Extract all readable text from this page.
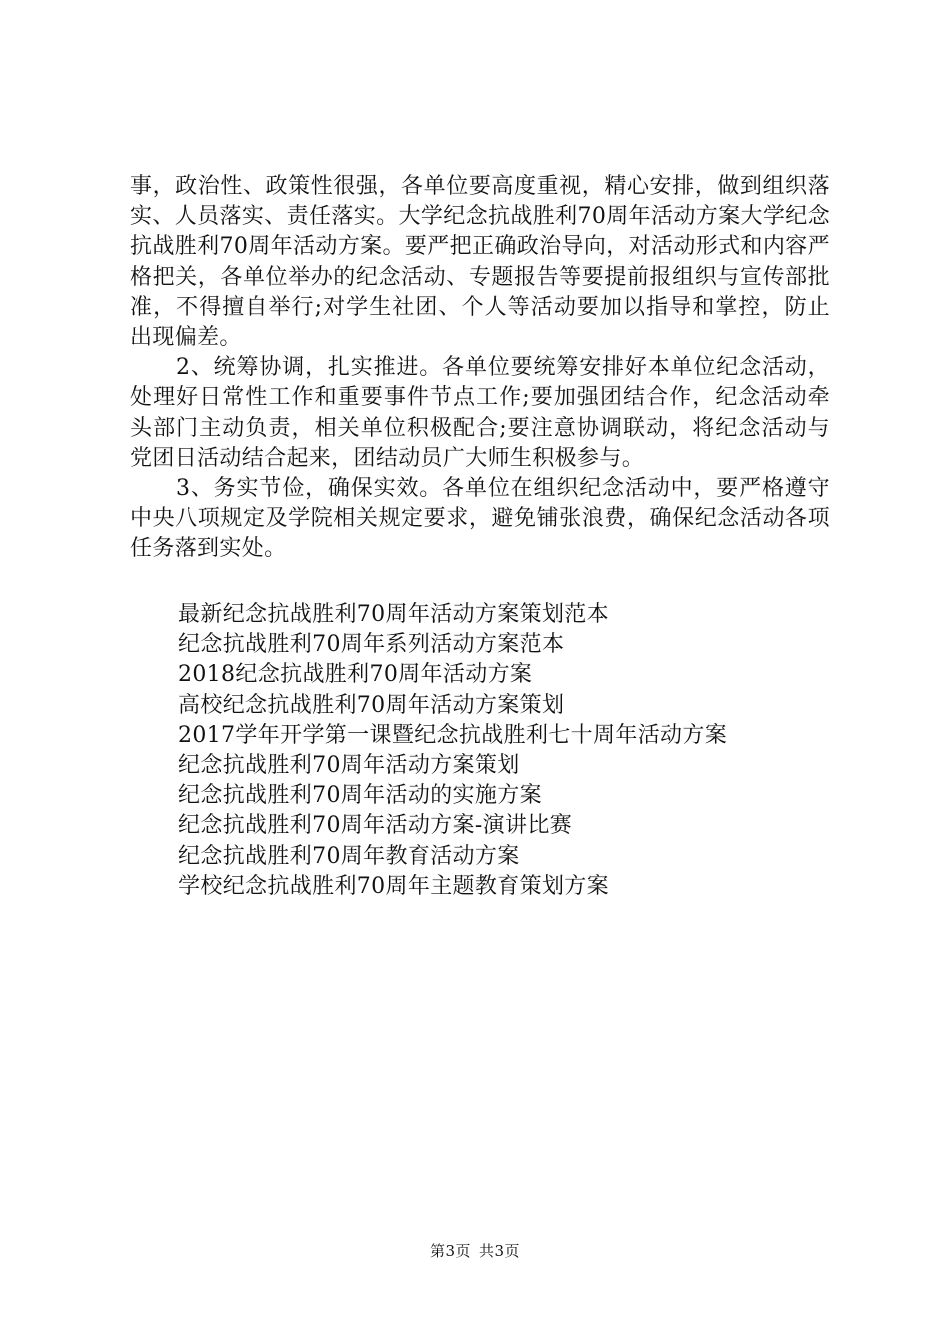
事，政治性、政策性很强，各单位要高度重视，精心安排，做到组织落实、人员落实、责任落实。大学纪念抗战胜利70周年活动方案大学纪念抗战胜利70周年活动方案。要严把正确政治导向，对活动形式和内容严格把关，各单位举办的纪念活动、专题报告等要提前报组织与宣传部批准，不得擅自举行;对学生社团、个人等活动要加以指导和掌控，防止出现偏差。

2、统筹协调，扎实推进。各单位要统筹安排好本单位纪念活动，处理好日常性工作和重要事件节点工作;要加强团结合作，纪念活动牵头部门主动负责，相关单位积极配合;要注意协调联动，将纪念活动与党团日活动结合起来，团结动员广大师生积极参与。

3、务实节俭，确保实效。各单位在组织纪念活动中，要严格遵守中央八项规定及学院相关规定要求，避免铺张浪费，确保纪念活动各项任务落到实处。

最新纪念抗战胜利70周年活动方案策划范本
纪念抗战胜利70周年系列活动方案范本
2018纪念抗战胜利70周年活动方案
高校纪念抗战胜利70周年活动方案策划
2017学年开学第一课暨纪念抗战胜利七十周年活动方案
纪念抗战胜利70周年活动方案策划
纪念抗战胜利70周年活动的实施方案
纪念抗战胜利70周年活动方案-演讲比赛
纪念抗战胜利70周年教育活动方案
学校纪念抗战胜利70周年主题教育策划方案
第3页 共3页
